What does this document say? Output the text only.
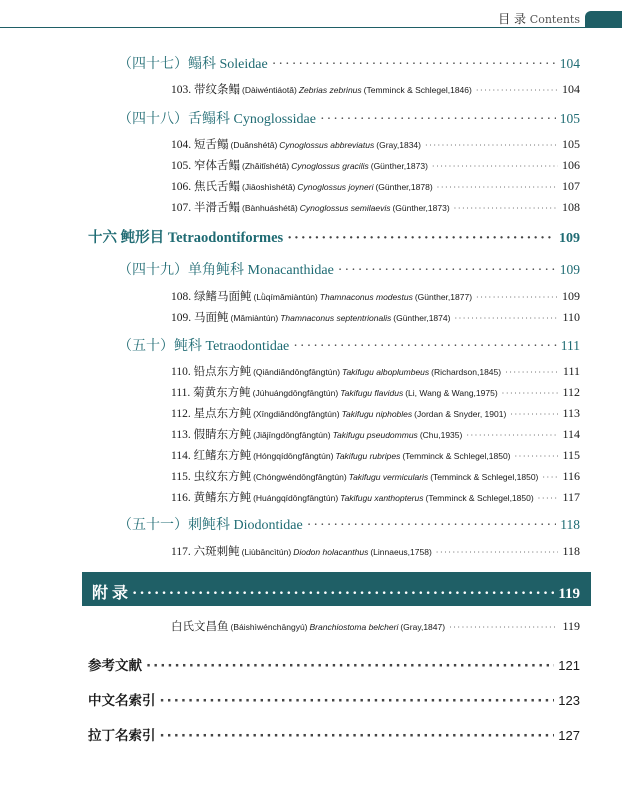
目 录 Contents
（四十七）鳎科 Soleidae ·····	104
103. 带纹条鳎 (Dàiwéntiáotǎ) Zebrias zebrinus (Temminck & Schlegel,1846) ·····	104
（四十八）舌鳎科 Cynoglossidae ·····	105
104. 短舌鳎 (Duǎnshétǎ) Cynoglossus abbreviatus (Gray,1834) ·····	105
105. 窄体舌鳎 (Zhǎitǐshétǎ) Cynoglossus gracilis (Günther,1873) ·····	106
106. 焦氏舌鳎 (Jiāoshìshétǎ) Cynoglossus joyneri (Günther,1878) ·····	107
107. 半滑舌鳎 (Bànhuáshétǎ) Cynoglossus semilaevis (Günther,1873) ·····	108
十六 鲀形目 Tetraodontiformes ·····	109
（四十九）单角鲀科 Monacanthidae ·····	109
108. 绿鳍马面鲀 (Lǜqímǎmiàntún) Thamnaconus modestus (Günther,1877) ·····	109
109. 马面鲀 (Mǎmiàntún) Thamnaconus septentrionalis (Günther,1874) ·····	110
（五十）鲀科 Tetraodontidae ·····	111
110. 铅点东方鲀 (Qiāndiǎndōngfāngtún) Takifugu alboplumbeus (Richardson,1845) ·····	111
111. 菊黄东方鲀 (Júhuángdōngfāngtún) Takifugu flavidus (Li, Wang & Wang,1975) ·····	112
112. 星点东方鲀 (Xīngdiǎndōngfāngtún) Takifugu niphobles (Jordan & Snyder, 1901) ·····	113
113. 假睛东方鲀 (Jiǎjīngdōngfāngtún) Takifugu pseudommus (Chu,1935) ·····	114
114. 红鳍东方鲀 (Hóngqídōngfāngtún) Takifugu rubripes (Temminck & Schlegel,1850) ·····	115
115. 虫纹东方鲀 (Chóngwéndōngfāngtún) Takifugu vermicularis (Temminck & Schlegel,1850) ····· 116
116. 黄鳍东方鲀 (Huángqídōngfāngtún) Takifugu xanthopterus (Temminck & Schlegel,1850) ····· 117
（五十一）刺鲀科 Diodontidae ·····	118
117. 六斑刺鲀 (Liùbāncìtún) Diodon holacanthus (Linnaeus,1758) ·····	118
附 录 ·····	119
白氏文昌鱼 (Báishìwénchāngyú) Branchiostoma belcheri (Gray,1847) ·····	119
参考文献 ·····	121
中文名索引 ·····	123
拉丁名索引 ·····	127
